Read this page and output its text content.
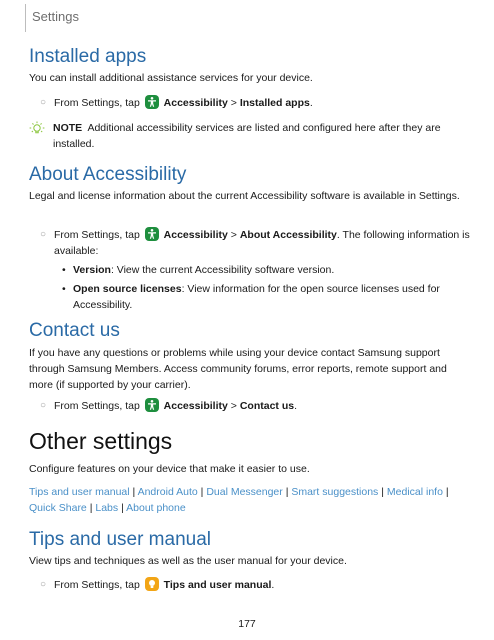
Settings
Installed apps

You can install additional assistance services for your device.

○ From Settings, tap Accessibility > Installed apps.
NOTE Additional accessibility services are listed and configured here after they are installed.
About Accessibility

Legal and license information about the current Accessibility software is available in Settings.

○ From Settings, tap Accessibility > About Accessibility. The following information is available:
• Version: View the current Accessibility software version.
• Open source licenses: View information for the open source licenses used for Accessibility.
Contact us

If you have any questions or problems while using your device contact Samsung support through Samsung Members. Access community forums, error reports, remote support and more (if supported by your carrier).

○ From Settings, tap Accessibility > Contact us.
Other settings

Configure features on your device that make it easier to use.

Tips and user manual | Android Auto | Dual Messenger | Smart suggestions | Medical info | Quick Share | Labs | About phone
Tips and user manual

View tips and techniques as well as the user manual for your device.

○ From Settings, tap Tips and user manual.
177
